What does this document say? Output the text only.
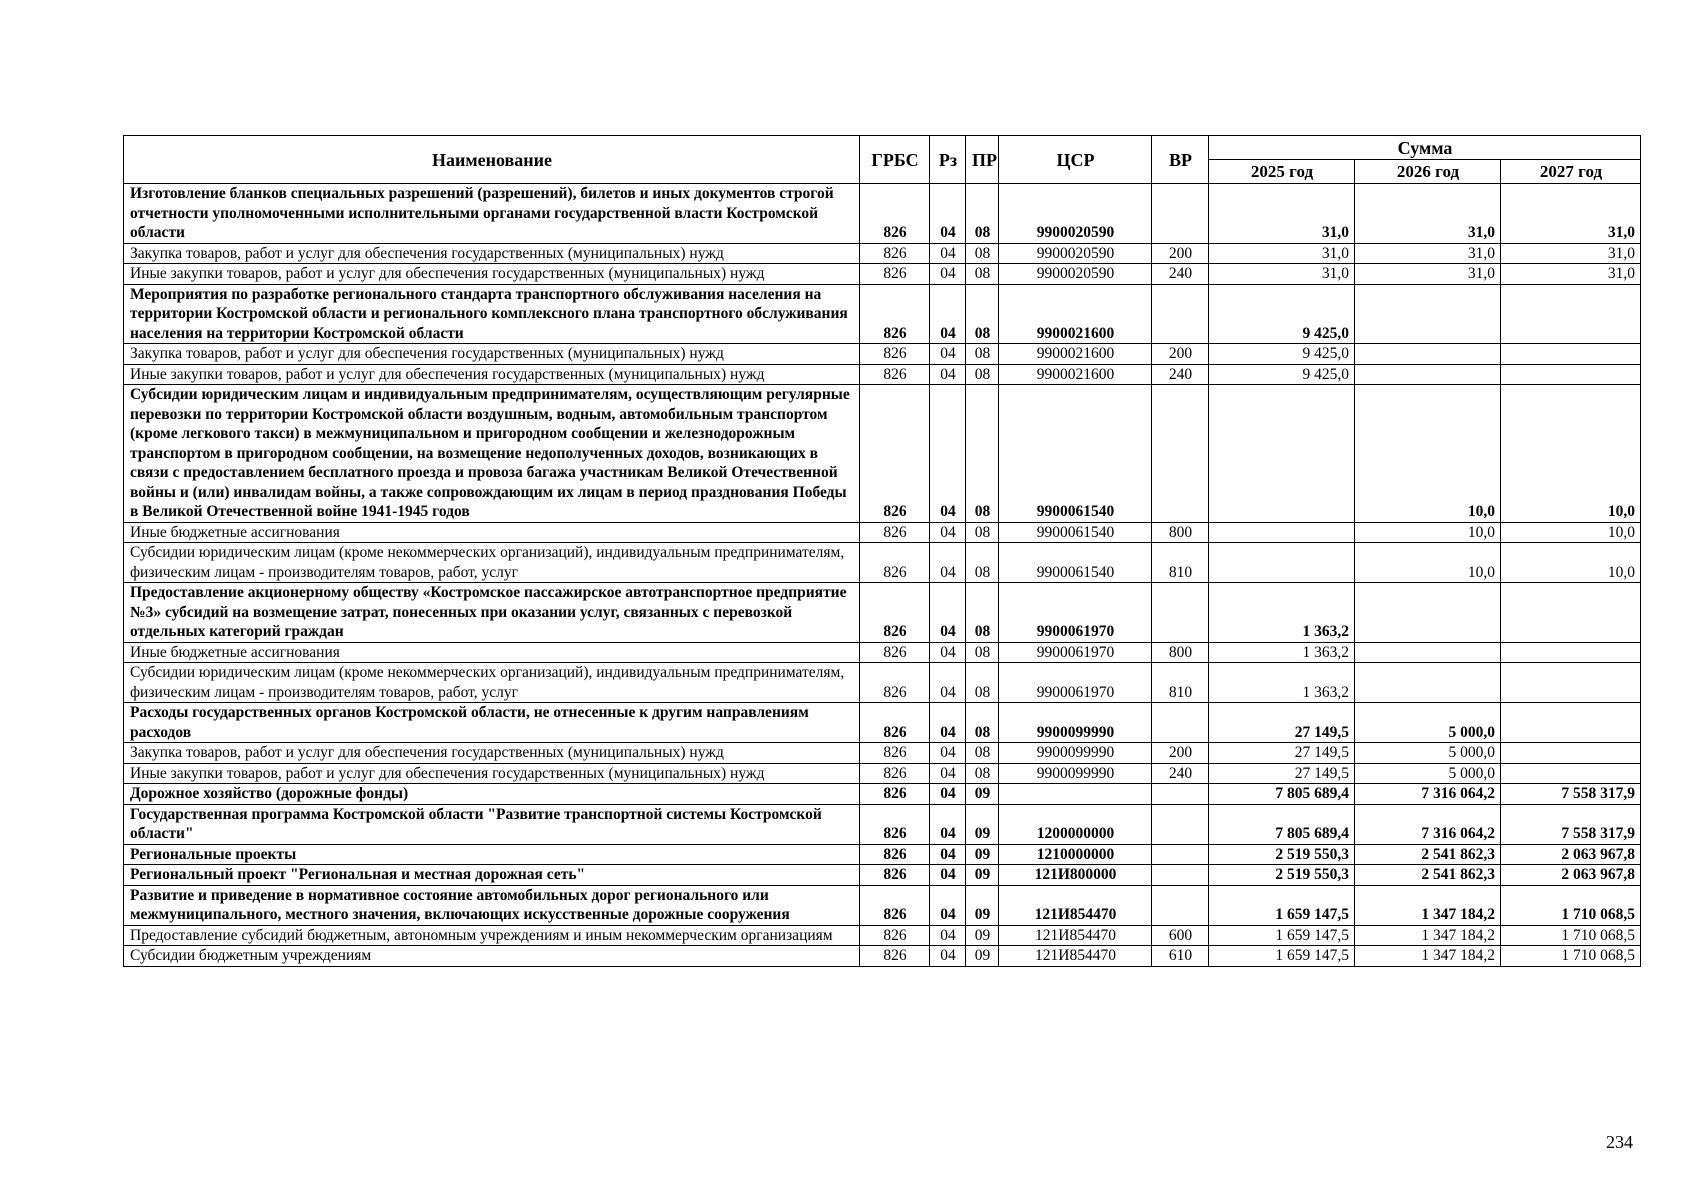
Наименование	ГРБС	Рз	ПР	ЦСР	ВР	Сумма		
						2025 год	2026 год	2027 год
Изготовление бланков специальных разрешений (разрешений), билетов и иных документов строгой отчетности уполномоченными исполнительными органами государственной власти Костромской области	826	04	08	9900020590		31,0	31,0	31,0
Закупка товаров, работ и услуг для обеспечения государственных (муниципальных) нужд	826	04	08	9900020590	200	31,0	31,0	31,0
Иные закупки товаров, работ и услуг для обеспечения государственных (муниципальных) нужд	826	04	08	9900020590	240	31,0	31,0	31,0
Мероприятия по разработке регионального стандарта транспортного обслуживания населения на территории Костромской области и регионального комплексного плана транспортного обслуживания населения на территории Костромской области	826	04	08	9900021600		9 425,0		
Закупка товаров, работ и услуг для обеспечения государственных (муниципальных) нужд	826	04	08	9900021600	200	9 425,0		
Иные закупки товаров, работ и услуг для обеспечения государственных (муниципальных) нужд	826	04	08	9900021600	240	9 425,0		
Субсидии юридическим лицам и индивидуальным предпринимателям, осуществляющим регулярные перевозки по территории Костромской области воздушным, водным, автомобильным транспортом (кроме легкового такси) в межмуниципальном и пригородном сообщении и железнодорожным транспортом в пригородном сообщении, на возмещение недополученных доходов, возникающих в связи с предоставлением бесплатного проезда и провоза багажа участникам Великой Отечественной войны и (или) инвалидам войны, а также сопровождающим их лицам в период празднования Победы в Великой Отечественной войне 1941-1945 годов	826	04	08	9900061540			10,0	10,0
Иные бюджетные ассигнования	826	04	08	9900061540	800		10,0	10,0
Субсидии юридическим лицам (кроме некоммерческих организаций), индивидуальным предпринимателям, физическим лицам - производителям товаров, работ, услуг	826	04	08	9900061540	810		10,0	10,0
Предоставление акционерному обществу «Костромское пассажирское автотранспортное предприятие №3» субсидий на возмещение затрат, понесенных при оказании услуг, связанных с перевозкой отдельных категорий граждан	826	04	08	9900061970		1 363,2		
Иные бюджетные ассигнования	826	04	08	9900061970	800	1 363,2		
Субсидии юридическим лицам (кроме некоммерческих организаций), индивидуальным предпринимателям, физическим лицам - производителям товаров, работ, услуг	826	04	08	9900061970	810	1 363,2		
Расходы государственных органов Костромской области, не отнесенные к другим направлениям расходов	826	04	08	9900099990		27 149,5	5 000,0	
Закупка товаров, работ и услуг для обеспечения государственных (муниципальных) нужд	826	04	08	9900099990	200	27 149,5	5 000,0	
Иные закупки товаров, работ и услуг для обеспечения государственных (муниципальных) нужд	826	04	08	9900099990	240	27 149,5	5 000,0	
Дорожное хозяйство (дорожные фонды)	826	04	09			7 805 689,4	7 316 064,2	7 558 317,9
Государственная программа Костромской области "Развитие транспортной системы Костромской области"	826	04	09	1200000000		7 805 689,4	7 316 064,2	7 558 317,9
Региональные проекты	826	04	09	1210000000		2 519 550,3	2 541 862,3	2 063 967,8
Региональный проект "Региональная и местная дорожная сеть"	826	04	09	121И800000		2 519 550,3	2 541 862,3	2 063 967,8
Развитие и приведение в нормативное состояние автомобильных дорог регионального или межмуниципального, местного значения, включающих искусственные дорожные сооружения	826	04	09	121И854470		1 659 147,5	1 347 184,2	1 710 068,5
Предоставление субсидий бюджетным, автономным учреждениям и иным некоммерческим организациям	826	04	09	121И854470	600	1 659 147,5	1 347 184,2	1 710 068,5
Субсидии бюджетным учреждениям	826	04	09	121И854470	610	1 659 147,5	1 347 184,2	1 710 068,5
234
